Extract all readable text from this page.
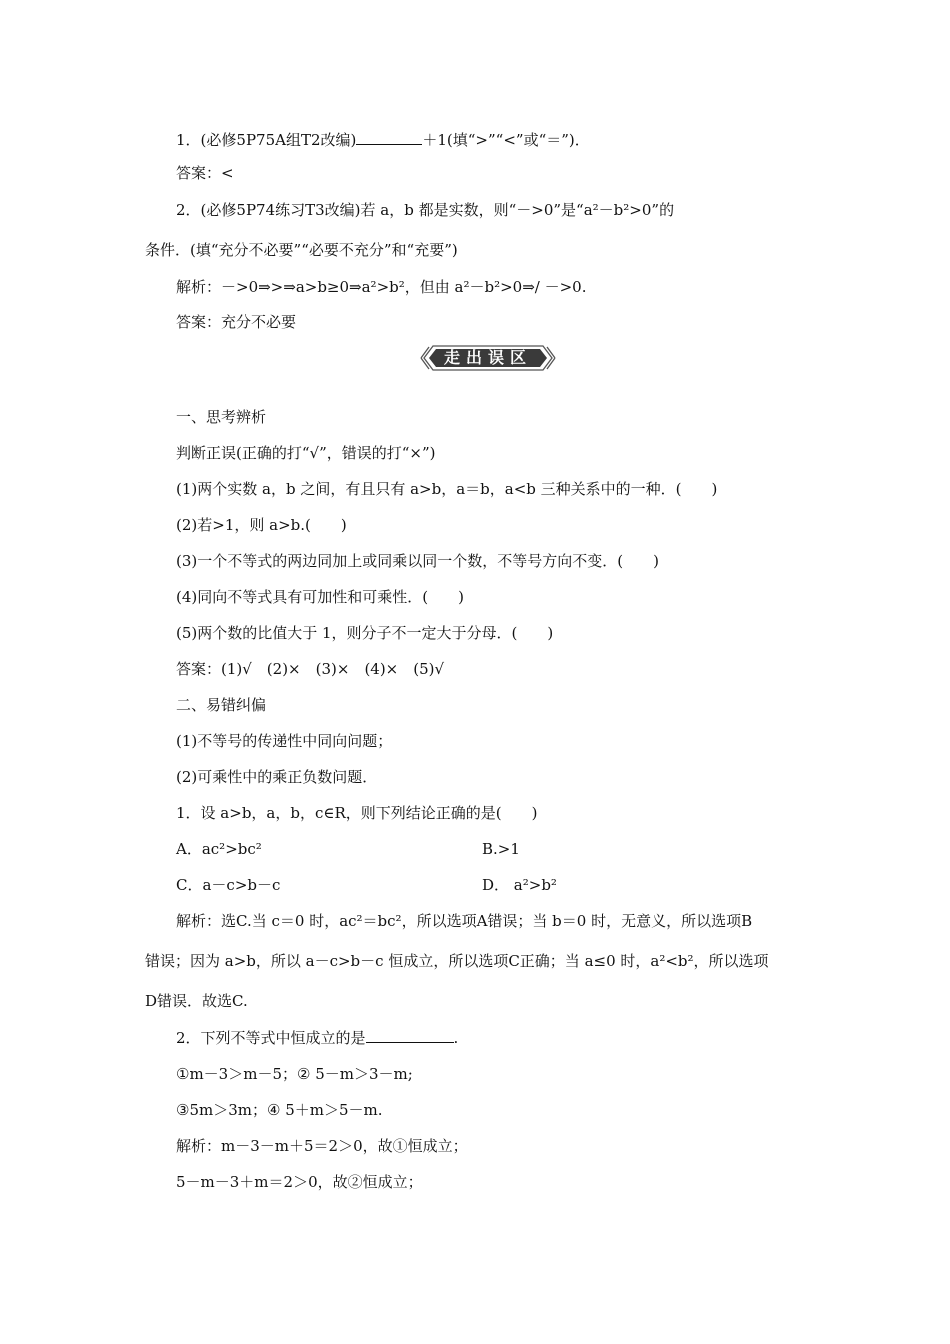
1．(必修5P75A组T2改编)	＋1(填“>”“<”或“＝”)．
答案：<
2．(必修5P74练习T3改编)若 a，b 都是实数，则“－>0”是“a²－b²>0”的
条件．(填“充分不必要”“必要不充分”和“充要”)
解析：－>0⇒>⇒a>b≥0⇒a²>b²，但由 a²－b²>0⇒/ －>0.
答案：充分不必要
走出误区
一、思考辨析
判断正误(正确的打“√”，错误的打“×”)
(1)两个实数 a，b 之间，有且只有 a>b，a＝b，a<b 三种关系中的一种．(　　)
(2)若>1，则 a>b.(　　)
(3)一个不等式的两边同加上或同乘以同一个数，不等号方向不变．(　　)
(4)同向不等式具有可加性和可乘性．(　　)
(5)两个数的比值大于 1，则分子不一定大于分母．(　　)
答案：(1)√　(2)×　(3)×　(4)×　(5)√
二、易错纠偏
(1)不等号的传递性中同向问题；
(2)可乘性中的乘正负数问题．
1．设 a>b，a，b，c∈R，则下列结论正确的是(　　)
A．ac²>bc²	B.>1
C．a－c>b－c	D． a²>b²
解析：选C.当 c＝0 时，ac²＝bc²，所以选项A错误；当 b＝0 时，无意义，所以选项B
错误；因为 a>b，所以 a－c>b－c 恒成立，所以选项C正确；当 a≤0 时，a²<b²，所以选项
D错误．故选C.
2．下列不等式中恒成立的是	.
①m－3＞m－5；② 5－m＞3－m;
③5m＞3m；④ 5＋m＞5－m.
解析：m－3－m＋5＝2＞0，故①恒成立；
5－m－3＋m＝2＞0，故②恒成立；
